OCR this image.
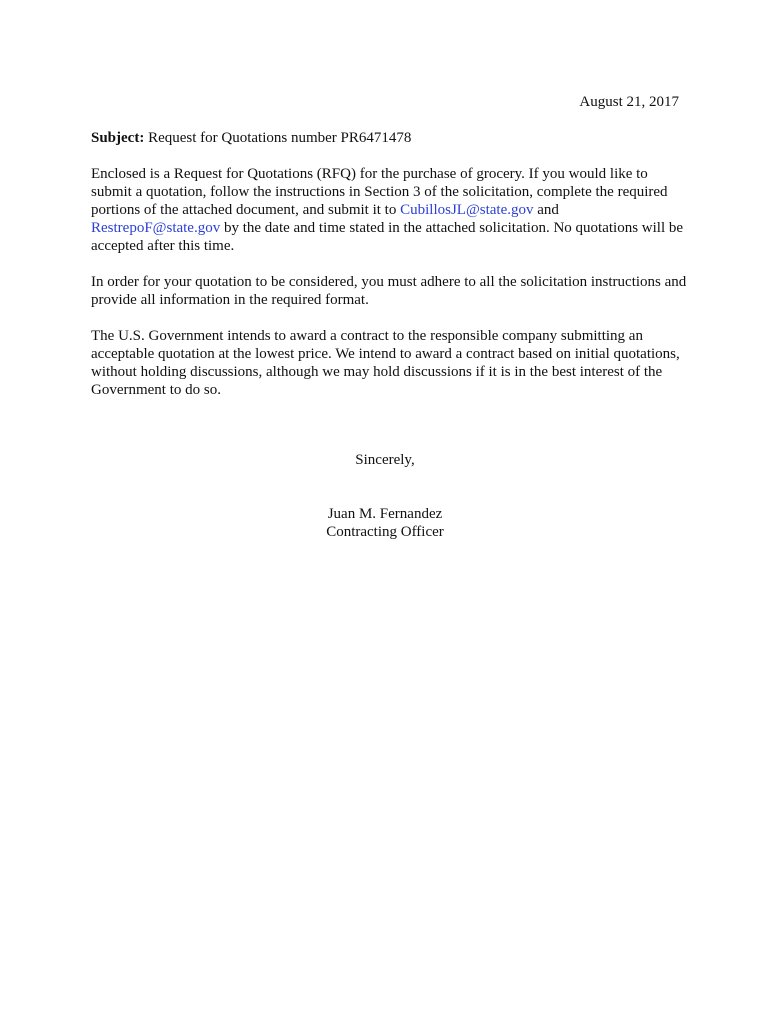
August 21, 2017

Subject: Request for Quotations number PR6471478

Enclosed is a Request for Quotations (RFQ) for the purchase of grocery. If you would like to submit a quotation, follow the instructions in Section 3 of the solicitation, complete the required portions of the attached document, and submit it to CubillosJL@state.gov and RestrepoF@state.gov by the date and time stated in the attached solicitation. No quotations will be accepted after this time.

In order for your quotation to be considered, you must adhere to all the solicitation instructions and provide all information in the required format.

The U.S. Government intends to award a contract to the responsible company submitting an acceptable quotation at the lowest price. We intend to award a contract based on initial quotations, without holding discussions, although we may hold discussions if it is in the best interest of the Government to do so.

Sincerely,
Juan M. Fernandez
Contracting Officer
